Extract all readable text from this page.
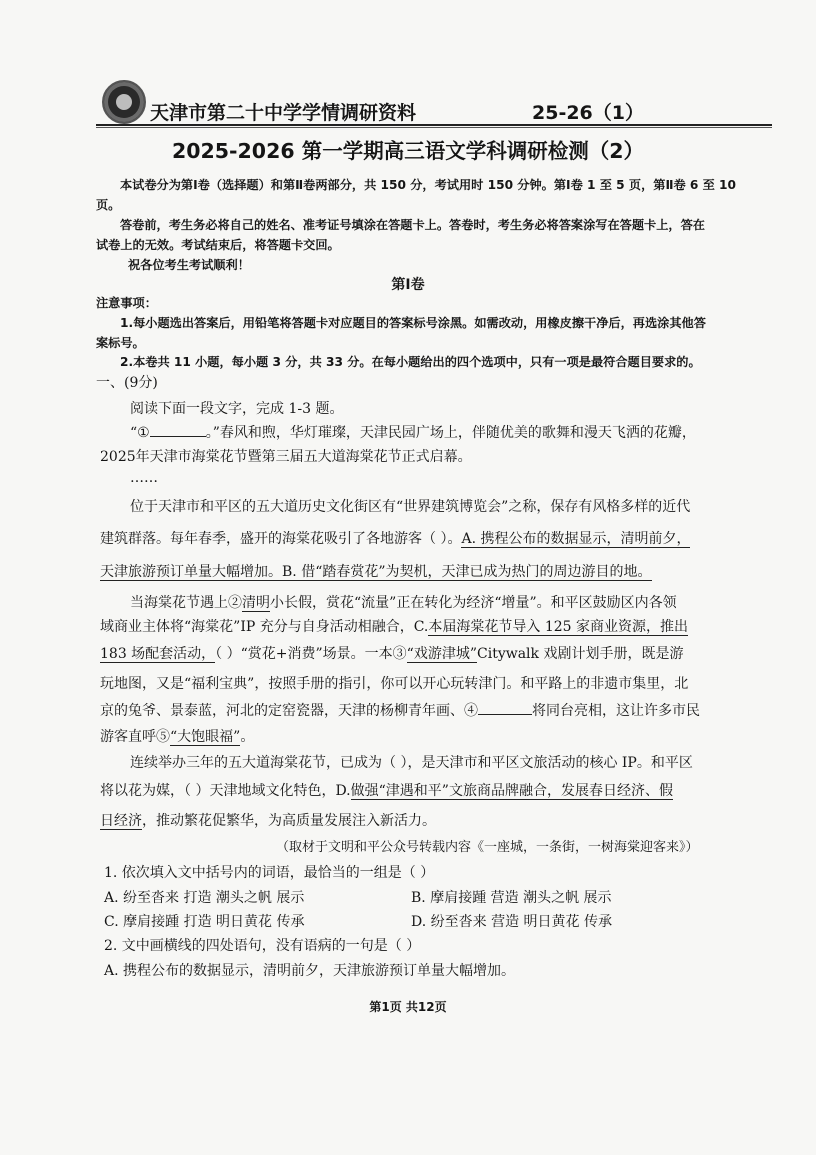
天津市第二十中学学情调研资料	25-26（1）
2025-2026 第一学期高三语文学科调研检测（2）
本试卷分为第Ⅰ卷（选择题）和第Ⅱ卷两部分，共 150 分，考试用时 150 分钟。第Ⅰ卷 1 至 5 页，第Ⅱ卷 6 至 10
页。
答卷前，考生务必将自己的姓名、准考证号填涂在答题卡上。答卷时，考生务必将答案涂写在答题卡上，答在
试卷上的无效。考试结束后，将答题卡交回。
祝各位考生考试顺利！
第Ⅰ卷
注意事项：
1.每小题选出答案后，用铅笔将答题卡对应题目的答案标号涂黑。如需改动，用橡皮擦干净后，再选涂其他答
案标号。
2.本卷共 11 小题，每小题 3 分，共 33 分。在每小题给出的四个选项中，只有一项是最符合题目要求的。
一、(9分)
阅读下面一段文字，完成 1-3 题。
“①	。”春风和煦，华灯璀璨，天津民园广场上，伴随优美的歌舞和漫天飞洒的花瓣，
2025年天津市海棠花节暨第三届五大道海棠花节正式启幕。
……
位于天津市和平区的五大道历史文化街区有“世界建筑博览会”之称，保存有风格多样的近代
建筑群落。每年春季，盛开的海棠花吸引了各地游客（ ）。A. 携程公布的数据显示，清明前夕，
天津旅游预订单量大幅增加。B. 借“踏春赏花”为契机，天津已成为热门的周边游目的地。
当海棠花节遇上②清明小长假，赏花“流量”正在转化为经济“增量”。和平区鼓励区内各领
域商业主体将“海棠花”IP 充分与自身活动相融合，C.本届海棠花节导入 125 家商业资源，推出
183 场配套活动，（ ）“赏花+消费”场景。一本③“戏游津城”Citywalk 戏剧计划手册，既是游
玩地图，又是“福利宝典”，按照手册的指引，你可以开心玩转津门。和平路上的非遗市集里，北
京的兔爷、景泰蓝，河北的定窑瓷器，天津的杨柳青年画、④	将同台亮相，这让许多市民
游客直呼⑤“大饱眼福”。
连续举办三年的五大道海棠花节，已成为（ ），是天津市和平区文旅活动的核心 IP。和平区
将以花为媒，（ ）天津地域文化特色，D.做强“津遇和平”文旅商品牌融合，发展春日经济、假
日经济，推动繁花促繁华，为高质量发展注入新活力。
（取材于文明和平公众号转载内容《一座城，一条街，一树海棠迎客来》）
1. 依次填入文中括号内的词语，最恰当的一组是（ ）
A. 纷至沓来 打造 潮头之帆 展示	B. 摩肩接踵 营造 潮头之帆 展示
C. 摩肩接踵 打造 明日黄花 传承	D. 纷至沓来 营造 明日黄花 传承
2. 文中画横线的四处语句，没有语病的一句是（ ）
A. 携程公布的数据显示，清明前夕，天津旅游预订单量大幅增加。
第1页 共12页
